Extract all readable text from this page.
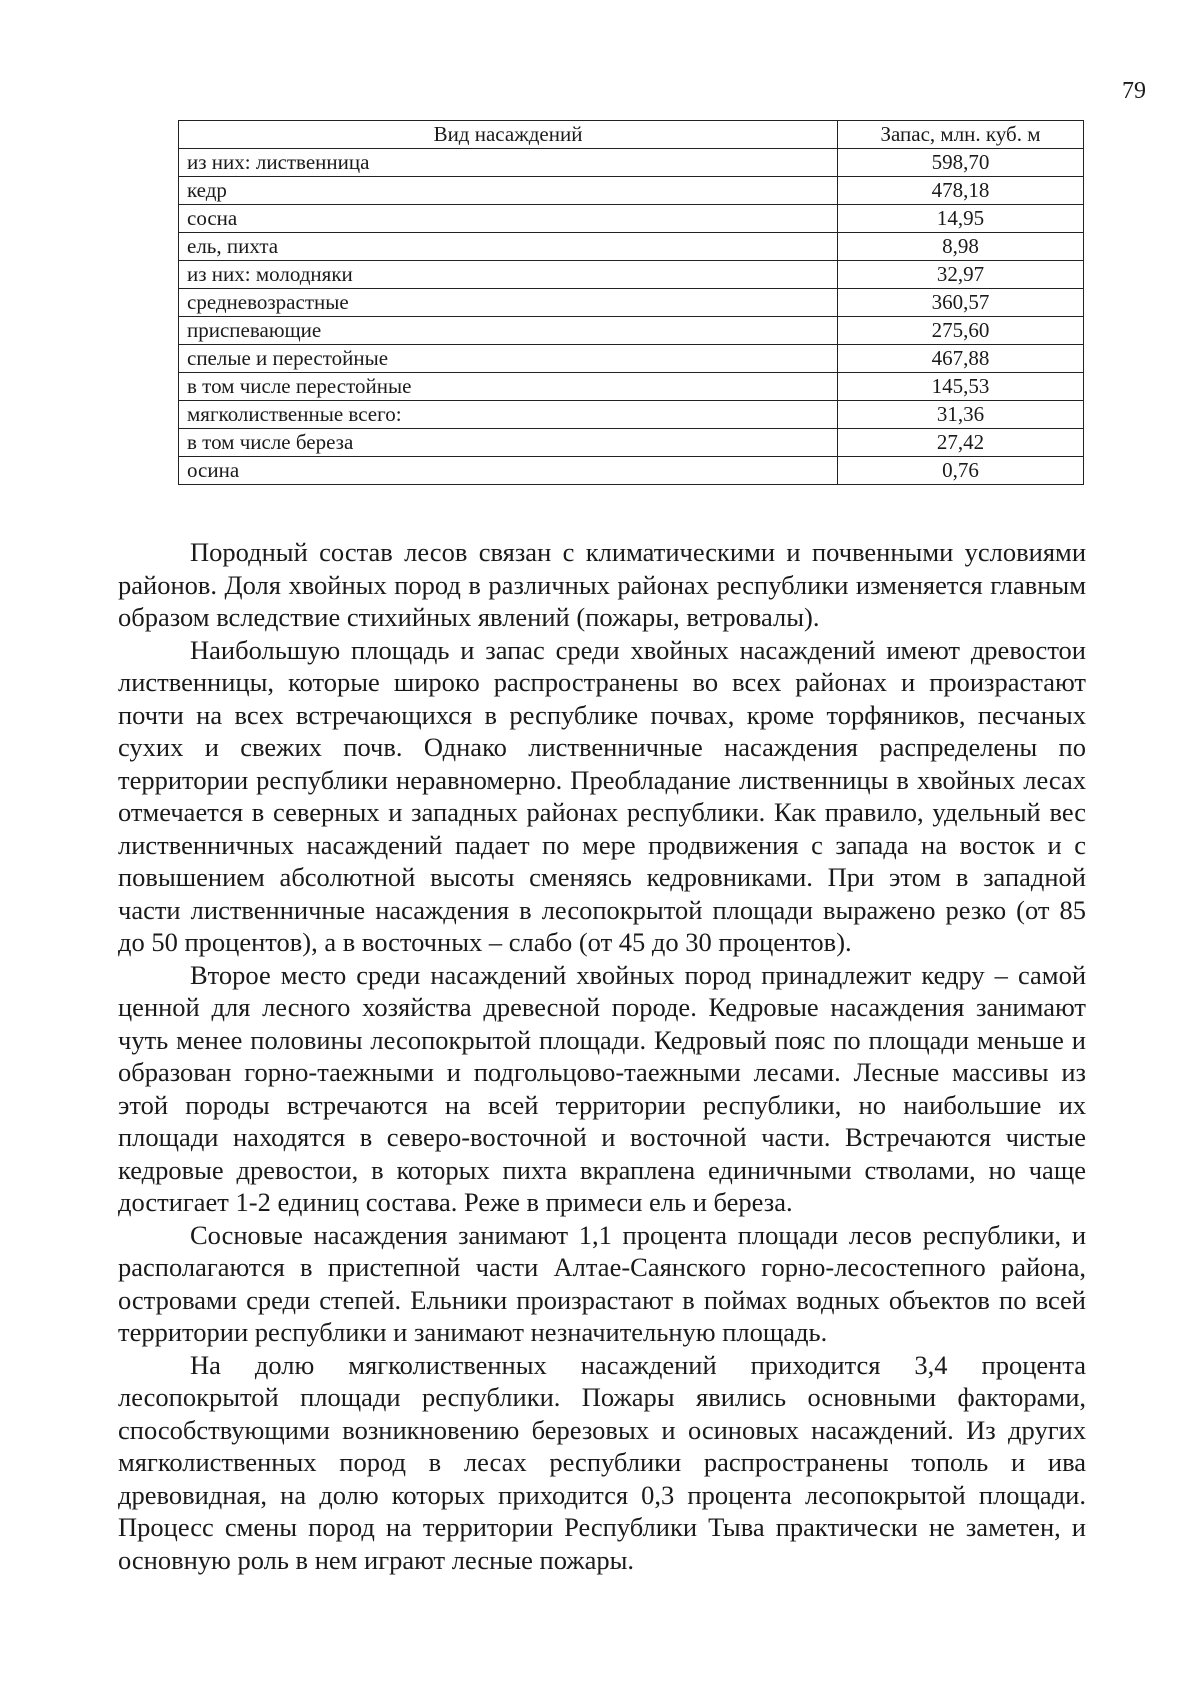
79
Вид насаждений	Запас, млн. куб. м
из них: лиственница	598,70
кедр	478,18
сосна	14,95
ель, пихта	8,98
из них: молодняки	32,97
средневозрастные	360,57
приспевающие	275,60
спелые и перестойные	467,88
в том числе перестойные	145,53
мягколиственные всего:	31,36
в том числе береза	27,42
осина	0,76

Породный состав лесов связан с климатическими и почвенными условиями районов. Доля хвойных пород в различных районах республики изменяется главным образом вследствие стихийных явлений (пожары, ветровалы).

Наибольшую площадь и запас среди хвойных насаждений имеют древостои лиственницы, которые широко распространены во всех районах и произрастают почти на всех встречающихся в республике почвах, кроме торфяников, песчаных сухих и свежих почв. Однако лиственничные насаждения распределены по территории республики неравномерно. Преобладание лиственницы в хвойных лесах отмечается в северных и западных районах республики. Как правило, удельный вес лиственничных насаждений падает по мере продвижения с запада на восток и с повышением абсолютной высоты сменяясь кедровниками. При этом в западной части лиственничные насаждения в лесопокрытой площади выражено резко (от 85 до 50 процентов), а в восточных – слабо (от 45 до 30 процентов).

Второе место среди насаждений хвойных пород принадлежит кедру – самой ценной для лесного хозяйства древесной породе. Кедровые насаждения занимают чуть менее половины лесопокрытой площади. Кедровый пояс по площади меньше и образован горно-таежными и подгольцово-таежными лесами. Лесные массивы из этой породы встречаются на всей территории республики, но наибольшие их площади находятся в северо-восточной и восточной части. Встречаются чистые кедровые древостои, в которых пихта вкраплена единичными стволами, но чаще достигает 1-2 единиц состава. Реже в примеси ель и береза.

Сосновые насаждения занимают 1,1 процента площади лесов республики, и располагаются в пристепной части Алтае-Саянского горно-лесостепного района, островами среди степей. Ельники произрастают в поймах водных объектов по всей территории республики и занимают незначительную площадь.

На долю мягколиственных насаждений приходится 3,4 процента лесопокрытой площади республики. Пожары явились основными факторами, способствующими возникновению березовых и осиновых насаждений. Из других мягколиственных пород в лесах республики распространены тополь и ива древовидная, на долю которых приходится 0,3 процента лесопокрытой площади. Процесс смены пород на территории Республики Тыва практически не заметен, и основную роль в нем играют лесные пожары.
